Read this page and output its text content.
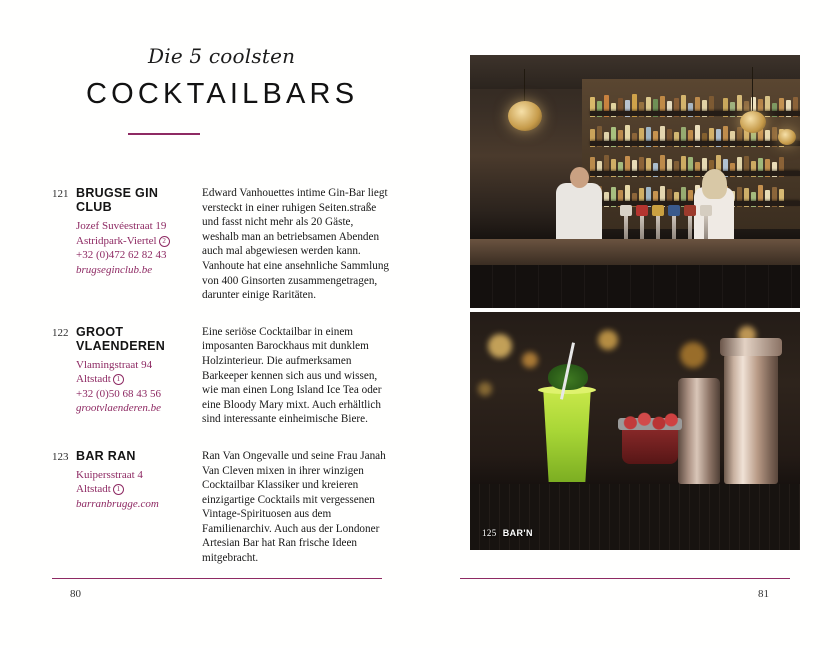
Die 5 coolsten
COCKTAILBARS
121 BRUGSE GIN CLUB
Jozef Suvéestraat 19
Astridpark-Viertel 2
+32 (0)472 62 82 43
brugseginclub.be

Edward Vanhouettes intime Gin-Bar liegt versteckt in einer ruhigen Seiten.straße und fasst nicht mehr als 20 Gäste, weshalb man an betriebsamen Abenden auch mal abgewiesen werden kann. Vanhoute hat eine ansehnliche Sammlung von 400 Ginsorten zusammengetragen, darunter einige Raritäten.

122 GROOT VLAENDEREN
Vlamingstraat 94
Altstadt 1
+32 (0)50 68 43 56
grootvlaenderen.be

Eine seriöse Cocktailbar in einem imposanten Barockhaus mit dunklem Holzinterieur. Die aufmerksamen Barkeeper kennen sich aus und wissen, wie man einen Long Island Ice Tea oder eine Bloody Mary mixt. Auch erhältlich sind interessante einheimische Biere.

123 BAR RAN
Kuipersstraat 4
Altstadt 1
barranbrugge.com

Ran Van Ongevalle und seine Frau Janah Van Cleven mixen in ihrer winzigen Cocktailbar Klassiker und kreieren einzigartige Cocktails mit vergessenen Vintage-Spirituosen aus dem Familienarchiv. Auch aus der Londoner Artesian Bar hat Ran frische Ideen mitgebracht.

80
125 BAR'N
81
